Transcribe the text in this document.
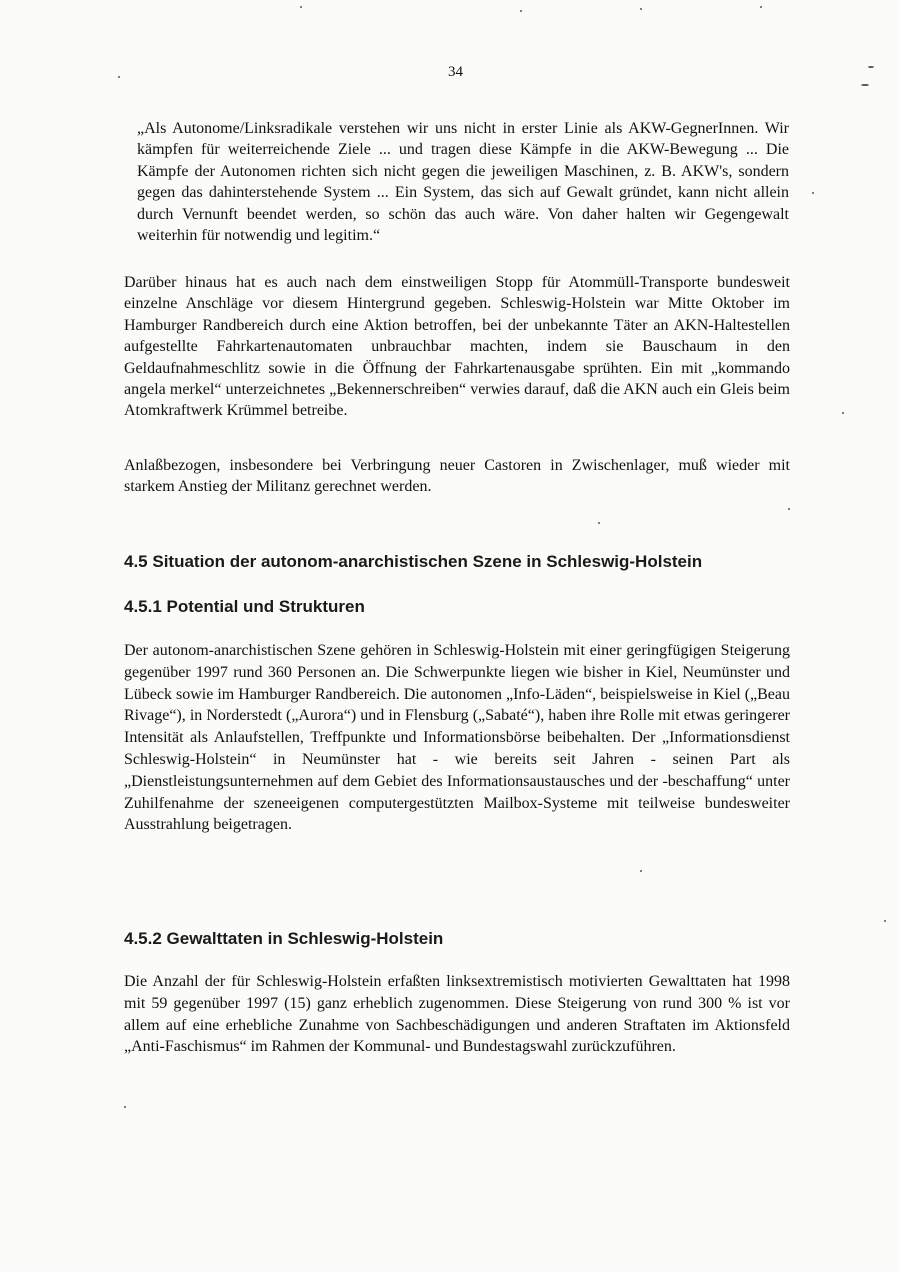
34

„Als Autonome/Linksradikale verstehen wir uns nicht in erster Linie als AKW-GegnerInnen. Wir kämpfen für weiterreichende Ziele ... und tragen diese Kämpfe in die AKW-Bewegung ... Die Kämpfe der Autonomen richten sich nicht gegen die jeweiligen Maschinen, z. B. AKW's, sondern gegen das dahinterstehende System ... Ein System, das sich auf Gewalt gründet, kann nicht allein durch Vernunft beendet werden, so schön das auch wäre. Von daher halten wir Gegengewalt weiterhin für notwendig und legitim.“

Darüber hinaus hat es auch nach dem einstweiligen Stopp für Atommüll-Transporte bundesweit einzelne Anschläge vor diesem Hintergrund gegeben. Schleswig-Holstein war Mitte Oktober im Hamburger Randbereich durch eine Aktion betroffen, bei der unbekannte Täter an AKN-Haltestellen aufgestellte Fahrkartenautomaten unbrauchbar machten, indem sie Bauschaum in den Geldaufnahmeschlitz sowie in die Öffnung der Fahrkartenausgabe sprühten. Ein mit „kommando angela merkel“ unterzeichnetes „Bekennerschreiben“ verwies darauf, daß die AKN auch ein Gleis beim Atomkraftwerk Krümmel betreibe.

Anlaßbezogen, insbesondere bei Verbringung neuer Castoren in Zwischenlager, muß wieder mit starkem Anstieg der Militanz gerechnet werden.

4.5 Situation der autonom-anarchistischen Szene in Schleswig-Holstein
4.5.1 Potential und Strukturen

Der autonom-anarchistischen Szene gehören in Schleswig-Holstein mit einer geringfügigen Steigerung gegenüber 1997 rund 360 Personen an. Die Schwerpunkte liegen wie bisher in Kiel, Neumünster und Lübeck sowie im Hamburger Randbereich. Die autonomen „Info-Läden“, beispielsweise in Kiel („Beau Rivage“), in Norderstedt („Aurora“) und in Flensburg („Sabaté“), haben ihre Rolle mit etwas geringerer Intensität als Anlaufstellen, Treffpunkte und Informationsbörse beibehalten. Der „Informationsdienst Schleswig-Holstein“ in Neumünster hat - wie bereits seit Jahren - seinen Part als „Dienstleistungsunternehmen auf dem Gebiet des Informationsaustausches und der -beschaffung“ unter Zuhilfenahme der szeneeigenen computergestützten Mailbox-Systeme mit teilweise bundesweiter Ausstrahlung beigetragen.

4.5.2 Gewalttaten in Schleswig-Holstein

Die Anzahl der für Schleswig-Holstein erfaßten linksextremistisch motivierten Gewalttaten hat 1998 mit 59 gegenüber 1997 (15) ganz erheblich zugenommen. Diese Steigerung von rund 300 % ist vor allem auf eine erhebliche Zunahme von Sachbeschädigungen und anderen Straftaten im Aktionsfeld „Anti-Faschismus“ im Rahmen der Kommunal- und Bundestagswahl zurückzuführen.
